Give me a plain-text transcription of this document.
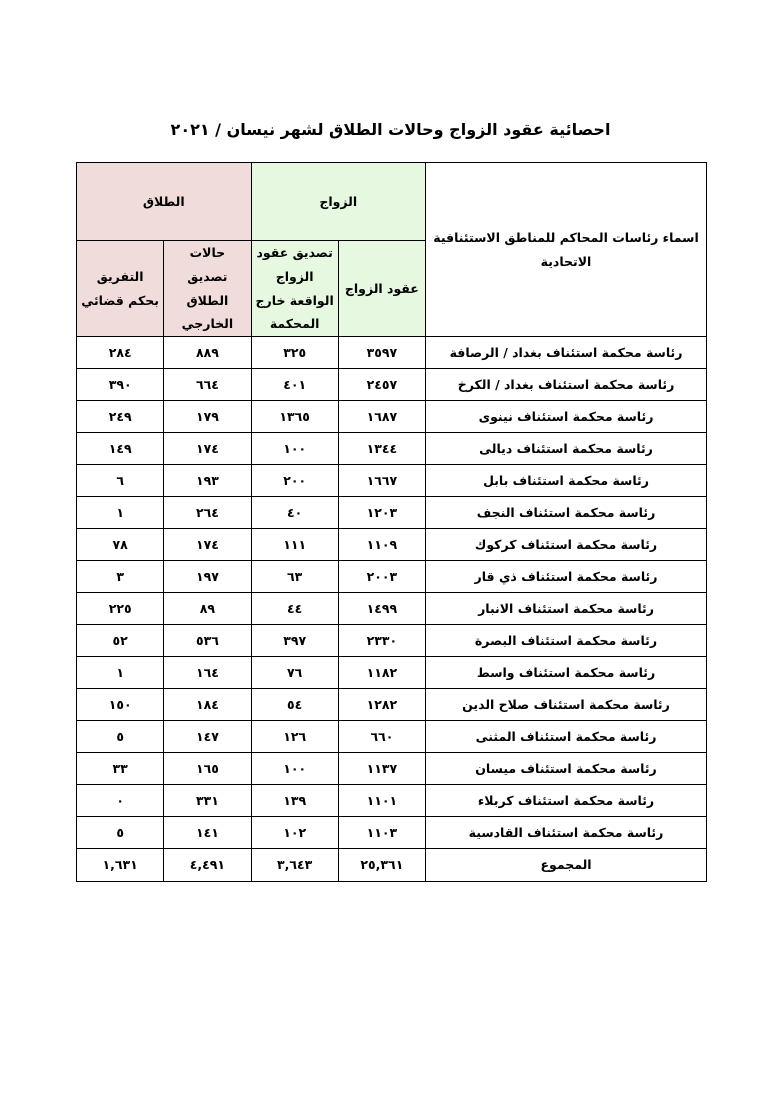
احصائية عقود الزواج وحالات الطلاق لشهر نيسان / ٢٠٢١
اسماء رئاسات المحاكم للمناطق الاستئنافية الاتحادية	الزواج		الطلاق	
	عقود الزواج	تصديق عقود الزواج الواقعة خارج المحكمة	حالات تصديق الطلاق الخارجي	التفريق بحكم قضائي
رئاسة محكمة استئناف بغداد / الرصافة	٣٥٩٧	٣٢٥	٨٨٩	٢٨٤
رئاسة محكمة استئناف بغداد / الكرخ	٢٤٥٧	٤٠١	٦٦٤	٣٩٠
رئاسة محكمة استئناف نينوى	١٦٨٧	١٣٦٥	١٧٩	٢٤٩
رئاسة محكمة استئناف ديالى	١٣٤٤	١٠٠	١٧٤	١٤٩
رئاسة محكمة استئناف بابل	١٦٦٧	٢٠٠	١٩٣	٦
رئاسة محكمة استئناف النجف	١٢٠٣	٤٠	٢٦٤	١
رئاسة محكمة استئناف كركوك	١١٠٩	١١١	١٧٤	٧٨
رئاسة محكمة استئناف ذي قار	٢٠٠٣	٦٣	١٩٧	٣
رئاسة محكمة استئناف الانبار	١٤٩٩	٤٤	٨٩	٢٢٥
رئاسة محكمة استئناف البصرة	٢٣٣٠	٣٩٧	٥٣٦	٥٢
رئاسة محكمة استئناف واسط	١١٨٢	٧٦	١٦٤	١
رئاسة محكمة استئناف صلاح الدين	١٢٨٢	٥٤	١٨٤	١٥٠
رئاسة محكمة استئناف المثنى	٦٦٠	١٢٦	١٤٧	٥
رئاسة محكمة استئناف ميسان	١١٣٧	١٠٠	١٦٥	٣٣
رئاسة محكمة استئناف كربلاء	١١٠١	١٣٩	٣٣١	٠
رئاسة محكمة استئناف القادسية	١١٠٣	١٠٢	١٤١	٥
المجموع	٢٥,٣٦١	٣,٦٤٣	٤,٤٩١	١,٦٣١
